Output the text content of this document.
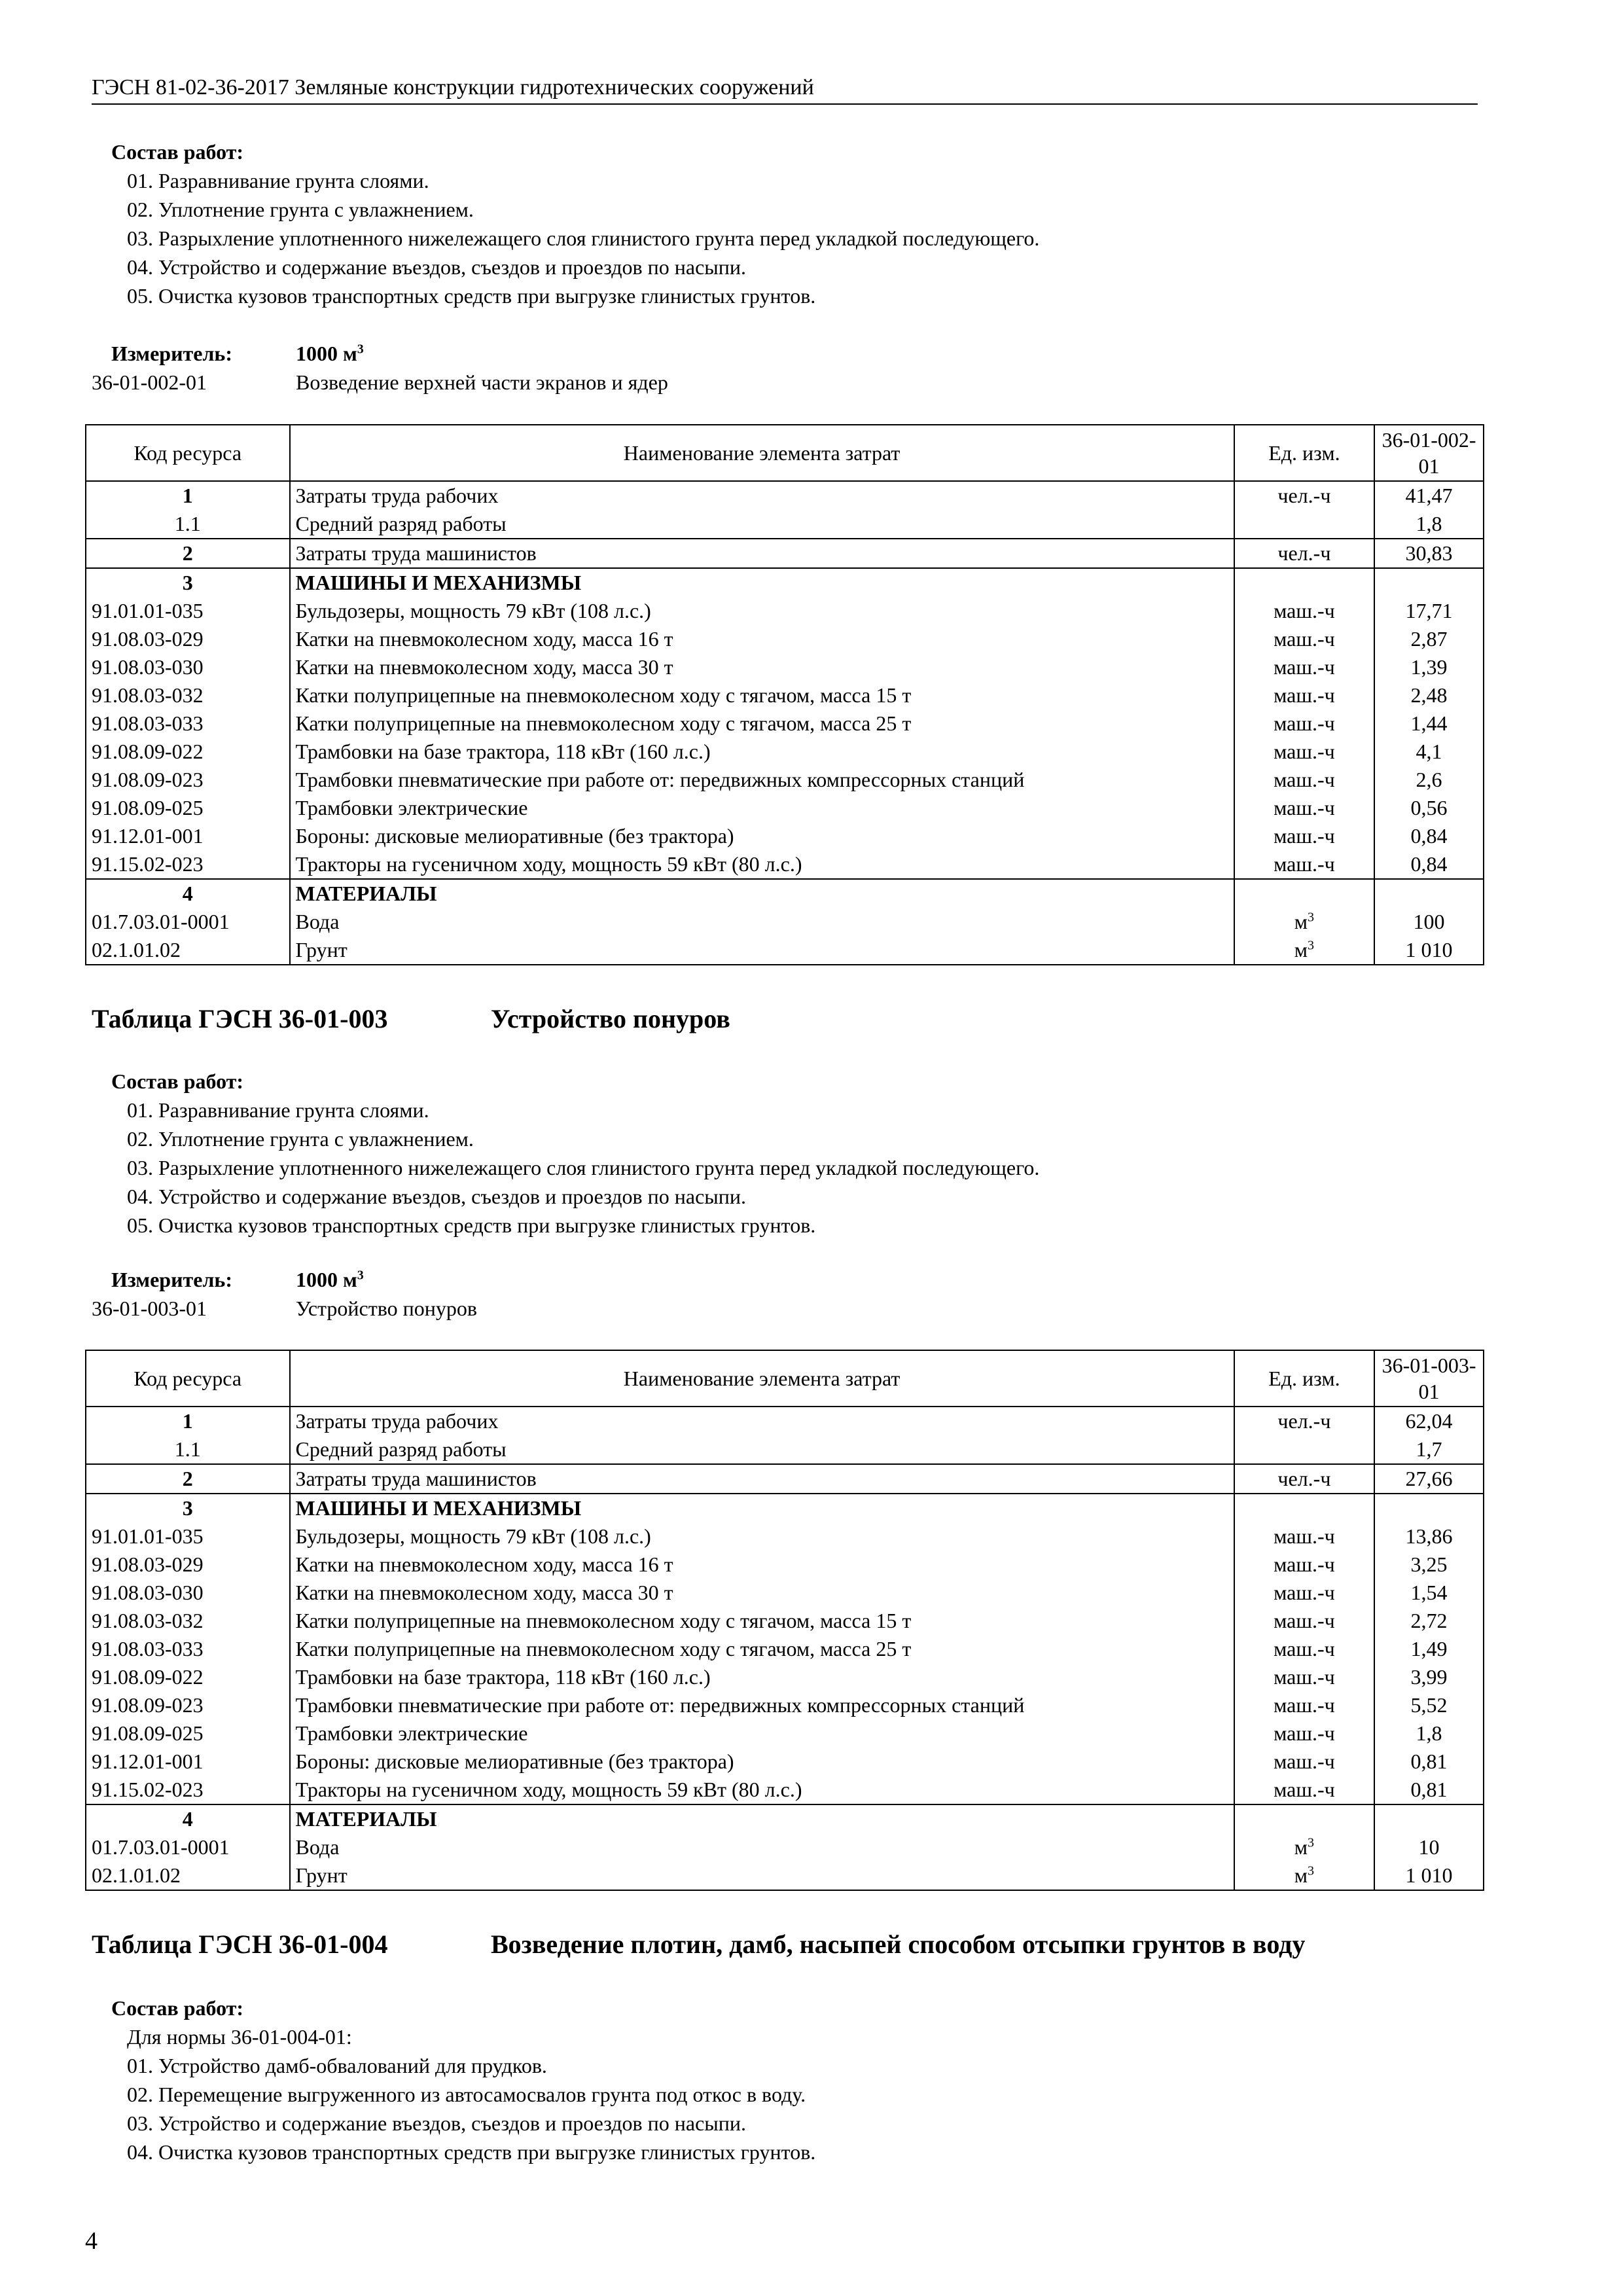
ГЭСН 81-02-36-2017 Земляные конструкции гидротехнических сооружений
Состав работ:
01. Разравнивание грунта слоями.
02. Уплотнение грунта с увлажнением.
03. Разрыхление уплотненного нижележащего слоя глинистого грунта перед укладкой последующего.
04. Устройство и содержание въездов, съездов и проездов по насыпи.
05. Очистка кузовов транспортных средств при выгрузке глинистых грунтов.
Измеритель:	1000 $м^3$
36-01-002-01	Возведение верхней части экранов и ядер
Код ресурса	Наименование элемента затрат	Ед. изм.	36-01-002-01
1	Затраты труда рабочих	чел.-ч	41,47
1.1	Средний разряд работы		1,8
2	Затраты труда машинистов	чел.-ч	30,83
3	МАШИНЫ И МЕХАНИЗМЫ		
91.01.01-035	Бульдозеры, мощность 79 кВт (108 л.с.)	маш.-ч	17,71
91.08.03-029	Катки на пневмоколесном ходу, масса 16 т	маш.-ч	2,87
91.08.03-030	Катки на пневмоколесном ходу, масса 30 т	маш.-ч	1,39
91.08.03-032	Катки полуприцепные на пневмоколесном ходу с тягачом, масса 15 т	маш.-ч	2,48
91.08.03-033	Катки полуприцепные на пневмоколесном ходу с тягачом, масса 25 т	маш.-ч	1,44
91.08.09-022	Трамбовки на базе трактора, 118 кВт (160 л.с.)	маш.-ч	4,1
91.08.09-023	Трамбовки пневматические при работе от: передвижных компрессорных станций	маш.-ч	2,6
91.08.09-025	Трамбовки электрические	маш.-ч	0,56
91.12.01-001	Бороны: дисковые мелиоративные (без трактора)	маш.-ч	0,84
91.15.02-023	Тракторы на гусеничном ходу, мощность 59 кВт (80 л.с.)	маш.-ч	0,84
4	МАТЕРИАЛЫ		
01.7.03.01-0001	Вода	$м^3$	100
02.1.01.02	Грунт	$м^3$	1 010
Таблица ГЭСН 36-01-003	Устройство понуров
Состав работ:
01. Разравнивание грунта слоями.
02. Уплотнение грунта с увлажнением.
03. Разрыхление уплотненного нижележащего слоя глинистого грунта перед укладкой последующего.
04. Устройство и содержание въездов, съездов и проездов по насыпи.
05. Очистка кузовов транспортных средств при выгрузке глинистых грунтов.
Измеритель:	1000 $м^3$
36-01-003-01	Устройство понуров
Код ресурса	Наименование элемента затрат	Ед. изм.	36-01-003-01
1	Затраты труда рабочих	чел.-ч	62,04
1.1	Средний разряд работы		1,7
2	Затраты труда машинистов	чел.-ч	27,66
3	МАШИНЫ И МЕХАНИЗМЫ		
91.01.01-035	Бульдозеры, мощность 79 кВт (108 л.с.)	маш.-ч	13,86
91.08.03-029	Катки на пневмоколесном ходу, масса 16 т	маш.-ч	3,25
91.08.03-030	Катки на пневмоколесном ходу, масса 30 т	маш.-ч	1,54
91.08.03-032	Катки полуприцепные на пневмоколесном ходу с тягачом, масса 15 т	маш.-ч	2,72
91.08.03-033	Катки полуприцепные на пневмоколесном ходу с тягачом, масса 25 т	маш.-ч	1,49
91.08.09-022	Трамбовки на базе трактора, 118 кВт (160 л.с.)	маш.-ч	3,99
91.08.09-023	Трамбовки пневматические при работе от: передвижных компрессорных станций	маш.-ч	5,52
91.08.09-025	Трамбовки электрические	маш.-ч	1,8
91.12.01-001	Бороны: дисковые мелиоративные (без трактора)	маш.-ч	0,81
91.15.02-023	Тракторы на гусеничном ходу, мощность 59 кВт (80 л.с.)	маш.-ч	0,81
4	МАТЕРИАЛЫ		
01.7.03.01-0001	Вода	$м^3$	10
02.1.01.02	Грунт	$м^3$	1 010
Таблица ГЭСН 36-01-004	Возведение плотин, дамб, насыпей способом отсыпки грунтов в воду
Состав работ:
Для нормы 36-01-004-01:
01. Устройство дамб-обвалований для прудков.
02. Перемещение выгруженного из автосамосвалов грунта под откос в воду.
03. Устройство и содержание въездов, съездов и проездов по насыпи.
04. Очистка кузовов транспортных средств при выгрузке глинистых грунтов.
4
